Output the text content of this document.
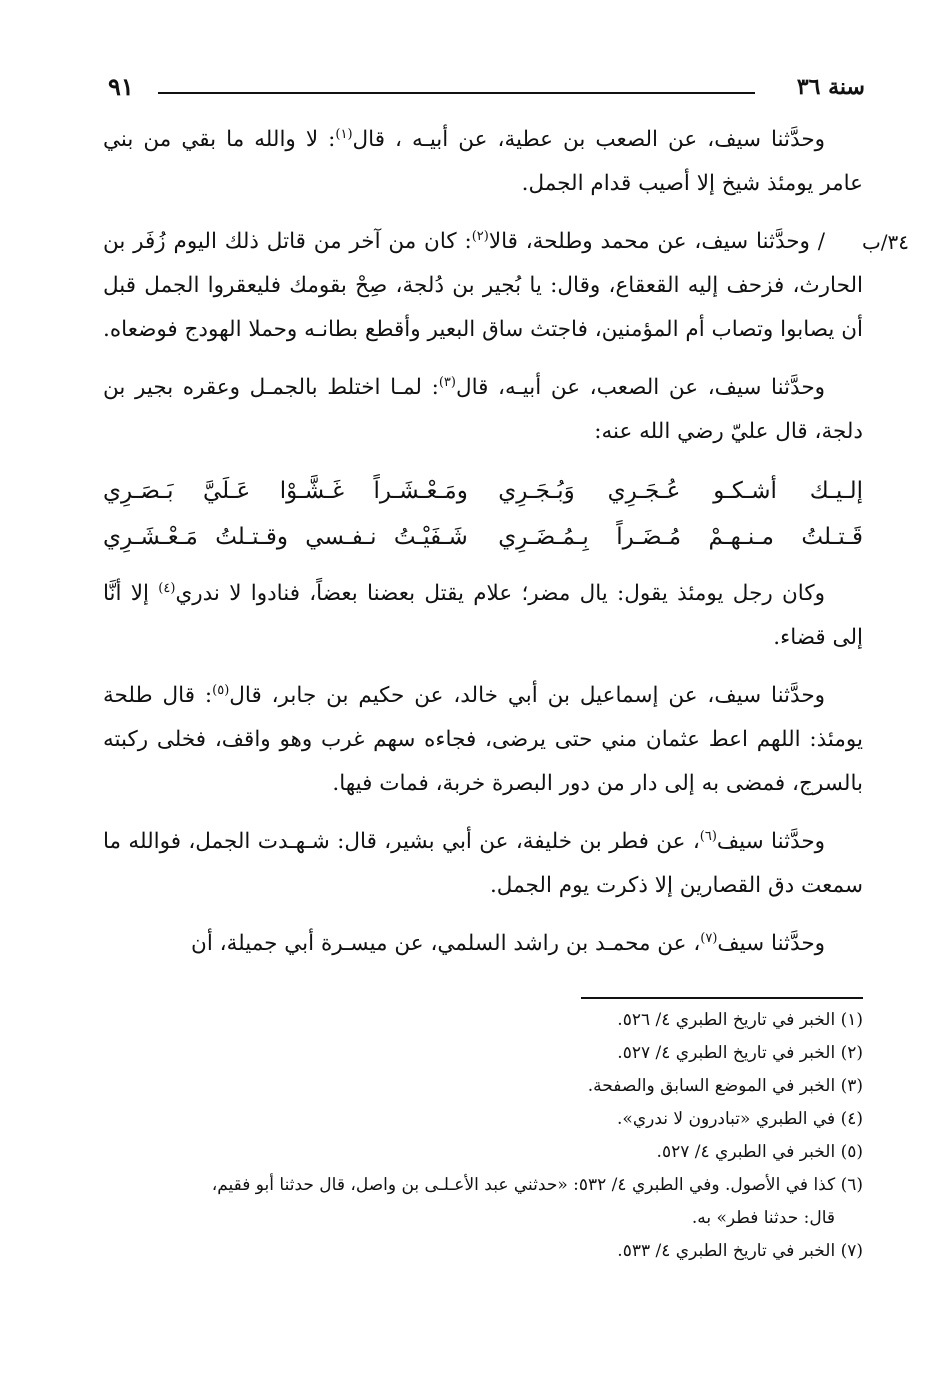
سنة ٣٦
٩١

وحدَّثنا سيف، عن الصعب بن عطية، عن أبيـه ، قال$^{(١)}$: لا والله ما بقي من بني عامر يومئذ شيخ إلا أصيب قدام الجمل.

٣٤/ب
/ وحدَّثنا سيف، عن محمد وطلحة، قالا$^{(٢)}$: كان من آخر من قاتل ذلك اليوم زُفَر بن الحارث، فزحف إليه القعقاع، وقال: يا بُجير بن دُلجة، صِحْ بقومك فليعقروا الجمل قبل أن يصابوا وتصاب أم المؤمنين، فاجتث ساق البعير وأقطع بطانـه وحملا الهودج فوضعاه.

وحدَّثنا سيف، عن الصعب، عن أبيـه، قال$^{(٣)}$: لمـا اختلط بالجمـل وعقره بجير بن دلجة، قال عليّ رضي الله عنه:

إلـيـك أشـكـو عُـجَـرِي وَبُـجَـرِي
ومَـعْـشَـراً غَـشَّـوْا عَـلَيَّ بَـصَـرِي
قَـتـلتُ مـنـهـمْ مُـضَـراً بِـمُـضَـرِي
شَـفَيْـتُ نـفـسي وقـتـلتُ مَـعْـشَـرِي

وكان رجل يومئذ يقول: يال مضر؛ علام يقتل بعضنا بعضاً، فنادوا لا ندري$^{(٤)}$ إلا أنَّا إلى قضاء.

وحدَّثنا سيف، عن إسماعيل بن أبي خالد، عن حكيم بن جابر، قال$^{(٥)}$: قال طلحة يومئذ: اللهم اعط عثمان مني حتى يرضى، فجاءه سهم غرب وهو واقف، فخلى ركبته بالسرج، فمضى به إلى دار من دور البصرة خربة، فمات فيها.

وحدَّثنا سيف$^{(٦)}$، عن فطر بن خليفة، عن أبي بشير، قال: شـهـدت الجمل، فوالله ما سمعت دق القصارين إلا ذكرت يوم الجمل.

وحدَّثنا سيف$^{(٧)}$، عن محمـد بن راشد السلمي، عن ميسـرة أبي جميلة، أن

(١) الخبر في تاريخ الطبري ٤/ ٥٢٦.

(٢) الخبر في تاريخ الطبري ٤/ ٥٢٧.

(٣) الخبر في الموضع السابق والصفحة.

(٤) في الطبري «تبادرون لا ندري».

(٥) الخبر في الطبري ٤/ ٥٢٧.

(٦) كذا في الأصول. وفي الطبري ٤/ ٥٣٢: «حدثني عبد الأعـلـى بن واصل، قال حدثنا أبو فقيم،

قال: حدثنا فطر» به.

(٧) الخبر في تاريخ الطبري ٤/ ٥٣٣.
